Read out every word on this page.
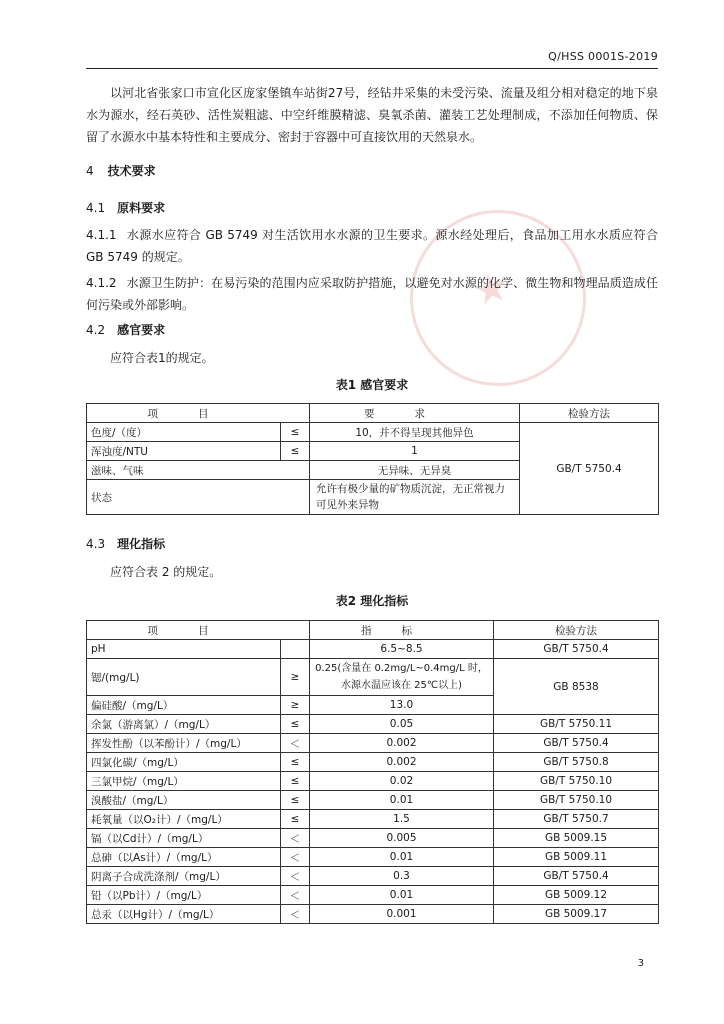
Q/HSS 0001S-2019
★
以河北省张家口市宣化区庞家堡镇车站街27号，经钻井采集的未受污染、流量及组分相对稳定的地下泉水为源水，经石英砂、活性炭粗滤、中空纤维膜精滤、臭氧杀菌、灌装工艺处理制成，不添加任何物质、保留了水源水中基本特性和主要成分、密封于容器中可直接饮用的天然泉水。
4 技术要求
4.1 原料要求
4.1.1 水源水应符合 GB 5749 对生活饮用水水源的卫生要求。源水经处理后，食品加工用水水质应符合 GB 5749 的规定。
4.1.2 水源卫生防护：在易污染的范围内应采取防护措施，以避免对水源的化学、微生物和物理品质造成任何污染或外部影响。
4.2 感官要求
应符合表1的规定。
表1 感官要求
项目		要求	检验方法
色度/（度）	≤	10，并不得呈现其他异色	GB/T 5750.4
浑浊度/NTU	≤	1	
滋味、气味		无异味、无异臭	
状态		允许有极少量的矿物质沉淀，无正常视力可见外来异物	
4.3 理化指标
应符合表 2 的规定。
表2 理化指标
项目		指标	检验方法
pH		6.5~8.5	GB/T 5750.4
锶/(mg/L)	≥	0.25(含量在 0.2mg/L~0.4mg/L 时，水源水温应该在 25℃以上)	GB 8538
偏硅酸/（mg/L）	≥	13.0	
余氯（游离氯）/（mg/L）	≤	0.05	GB/T 5750.11
挥发性酚（以苯酚计）/（mg/L）	＜	0.002	GB/T 5750.4
四氯化碳/（mg/L）	≤	0.002	GB/T 5750.8
三氯甲烷/（mg/L）	≤	0.02	GB/T 5750.10
溴酸盐/（mg/L）	≤	0.01	GB/T 5750.10
耗氧量（以O₂计）/（mg/L）	≤	1.5	GB/T 5750.7
镉（以Cd计）/（mg/L）	＜	0.005	GB 5009.15
总砷（以As计）/（mg/L）	＜	0.01	GB 5009.11
阴离子合成洗涤剂/（mg/L）	＜	0.3	GB/T 5750.4
铅（以Pb计）/（mg/L）	＜	0.01	GB 5009.12
总汞（以Hg计）/（mg/L）	＜	0.001	GB 5009.17
3
